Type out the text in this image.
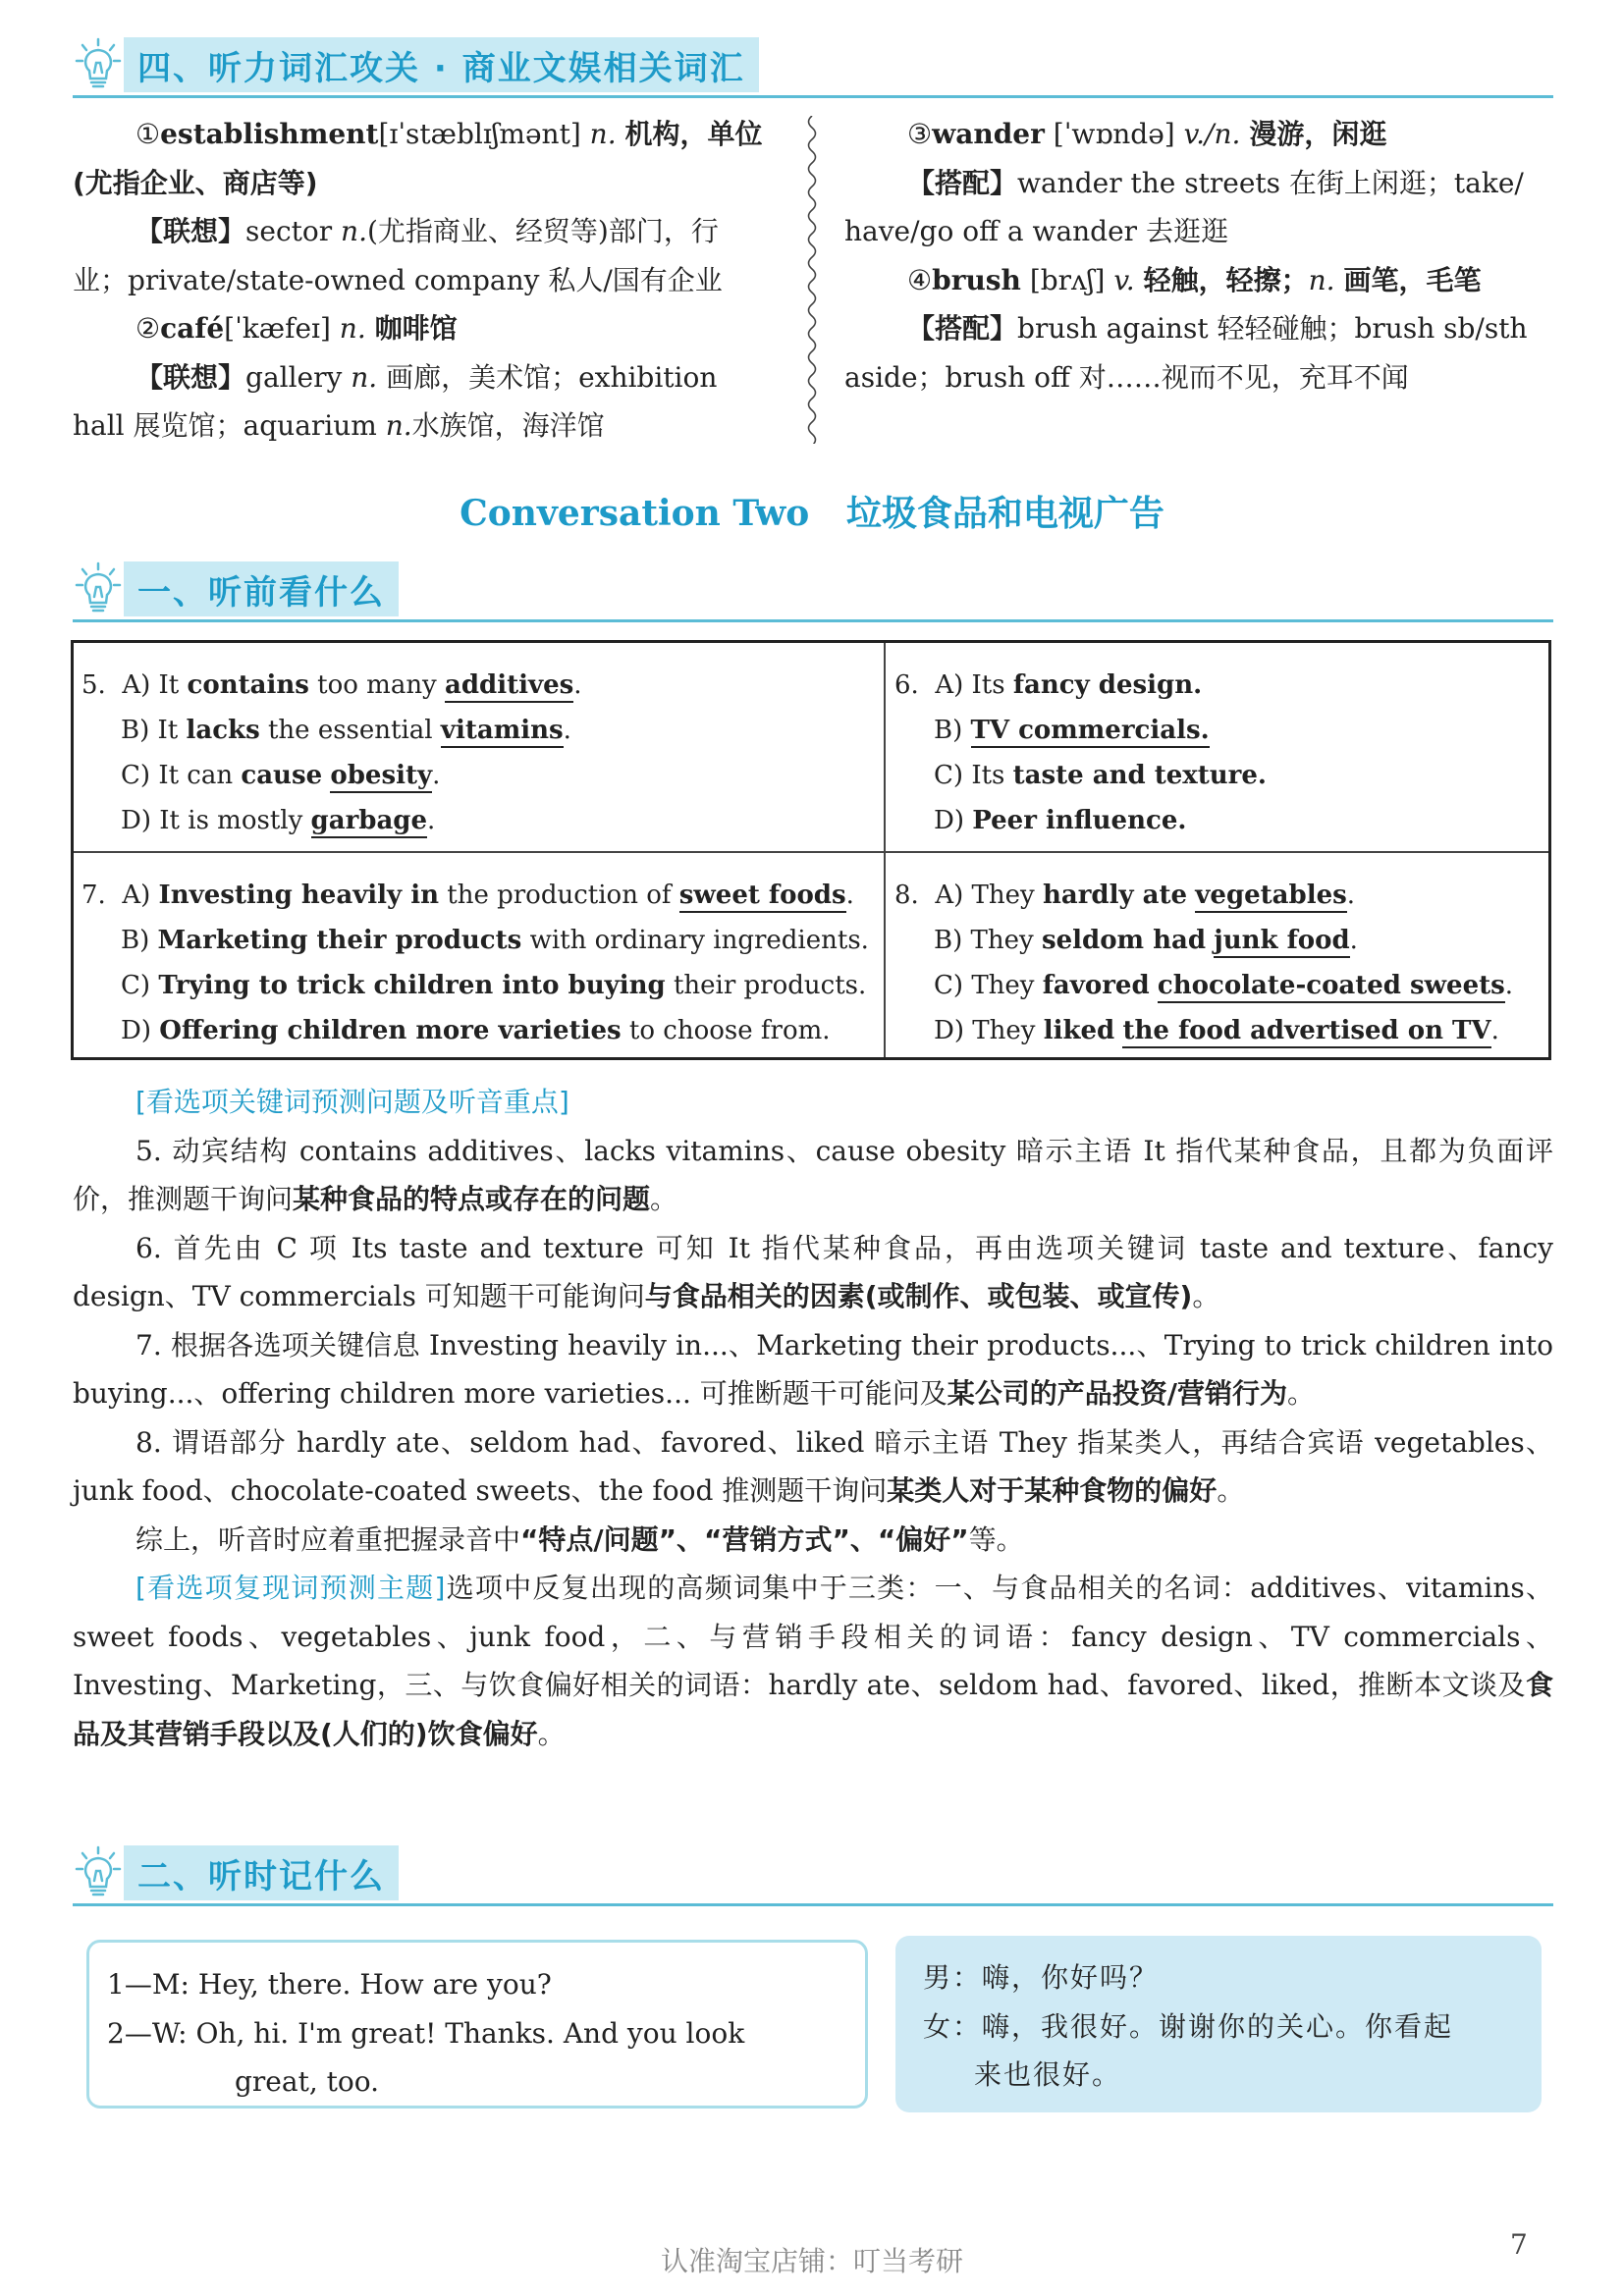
四、听力词汇攻关 · 商业文娱相关词汇

①establishment[ɪˈstæblɪʃmənt] n. 机构，单位

(尤指企业、商店等)

【联想】sector n.(尤指商业、经贸等)部门，行

业；private/state-owned company 私人/国有企业

②café[ˈkæfeɪ] n. 咖啡馆

【联想】gallery n. 画廊，美术馆；exhibition

hall 展览馆；aquarium n.水族馆，海洋馆

③wander [ˈwɒndə] v./n. 漫游，闲逛

【搭配】wander the streets 在街上闲逛；take/

have/go off a wander 去逛逛

④brush [brʌʃ] v. 轻触，轻擦；n. 画笔，毛笔

【搭配】brush against 轻轻碰触；brush sb/sth

aside；brush off 对……视而不见，充耳不闻

Conversation Two 垃圾食品和电视广告
一、听前看什么
5. A) It contains too many additives.
B) It lacks the essential vitamins.
C) It can cause obesity.
D) It is mostly garbage.
6. A) Its fancy design.
B) TV commercials.
C) Its taste and texture.
D) Peer influence.
7. A) Investing heavily in the production of sweet foods.
B) Marketing their products with ordinary ingredients.
C) Trying to trick children into buying their products.
D) Offering children more varieties to choose from.
8. A) They hardly ate vegetables.
B) They seldom had junk food.
C) They favored chocolate-coated sweets.
D) They liked the food advertised on TV.

[看选项关键词预测问题及听音重点]

5. 动宾结构 contains additives、lacks vitamins、cause obesity 暗示主语 It 指代某种食品，且都为负面评价，推测题干询问某种食品的特点或存在的问题。

6. 首先由 C 项 Its taste and texture 可知 It 指代某种食品，再由选项关键词 taste and texture、fancy design、TV commercials 可知题干可能询问与食品相关的因素(或制作、或包装、或宣传)。

7. 根据各选项关键信息 Investing heavily in...、Marketing their products...、Trying to trick children into buying...、offering children more varieties... 可推断题干可能问及某公司的产品投资/营销行为。

8. 谓语部分 hardly ate、seldom had、favored、liked 暗示主语 They 指某类人，再结合宾语 vegetables、junk food、chocolate-coated sweets、the food 推测题干询问某类人对于某种食物的偏好。

综上，听音时应着重把握录音中“特点/问题”、“营销方式”、“偏好”等。

[看选项复现词预测主题]选项中反复出现的高频词集中于三类：一、与食品相关的名词：additives、vitamins、sweet foods、vegetables、junk food，二、与营销手段相关的词语：fancy design、TV commercials、Investing、Marketing，三、与饮食偏好相关的词语：hardly ate、seldom had、favored、liked，推断本文谈及食品及其营销手段以及(人们的)饮食偏好。

二、听时记什么
1—M: Hey, there. How are you?
2—W: Oh, hi. I'm great! Thanks. And you look
great, too.
男：嗨，你好吗？
女：嗨，我很好。谢谢你的关心。你看起
来也很好。
认准淘宝店铺：叮当考研
7
